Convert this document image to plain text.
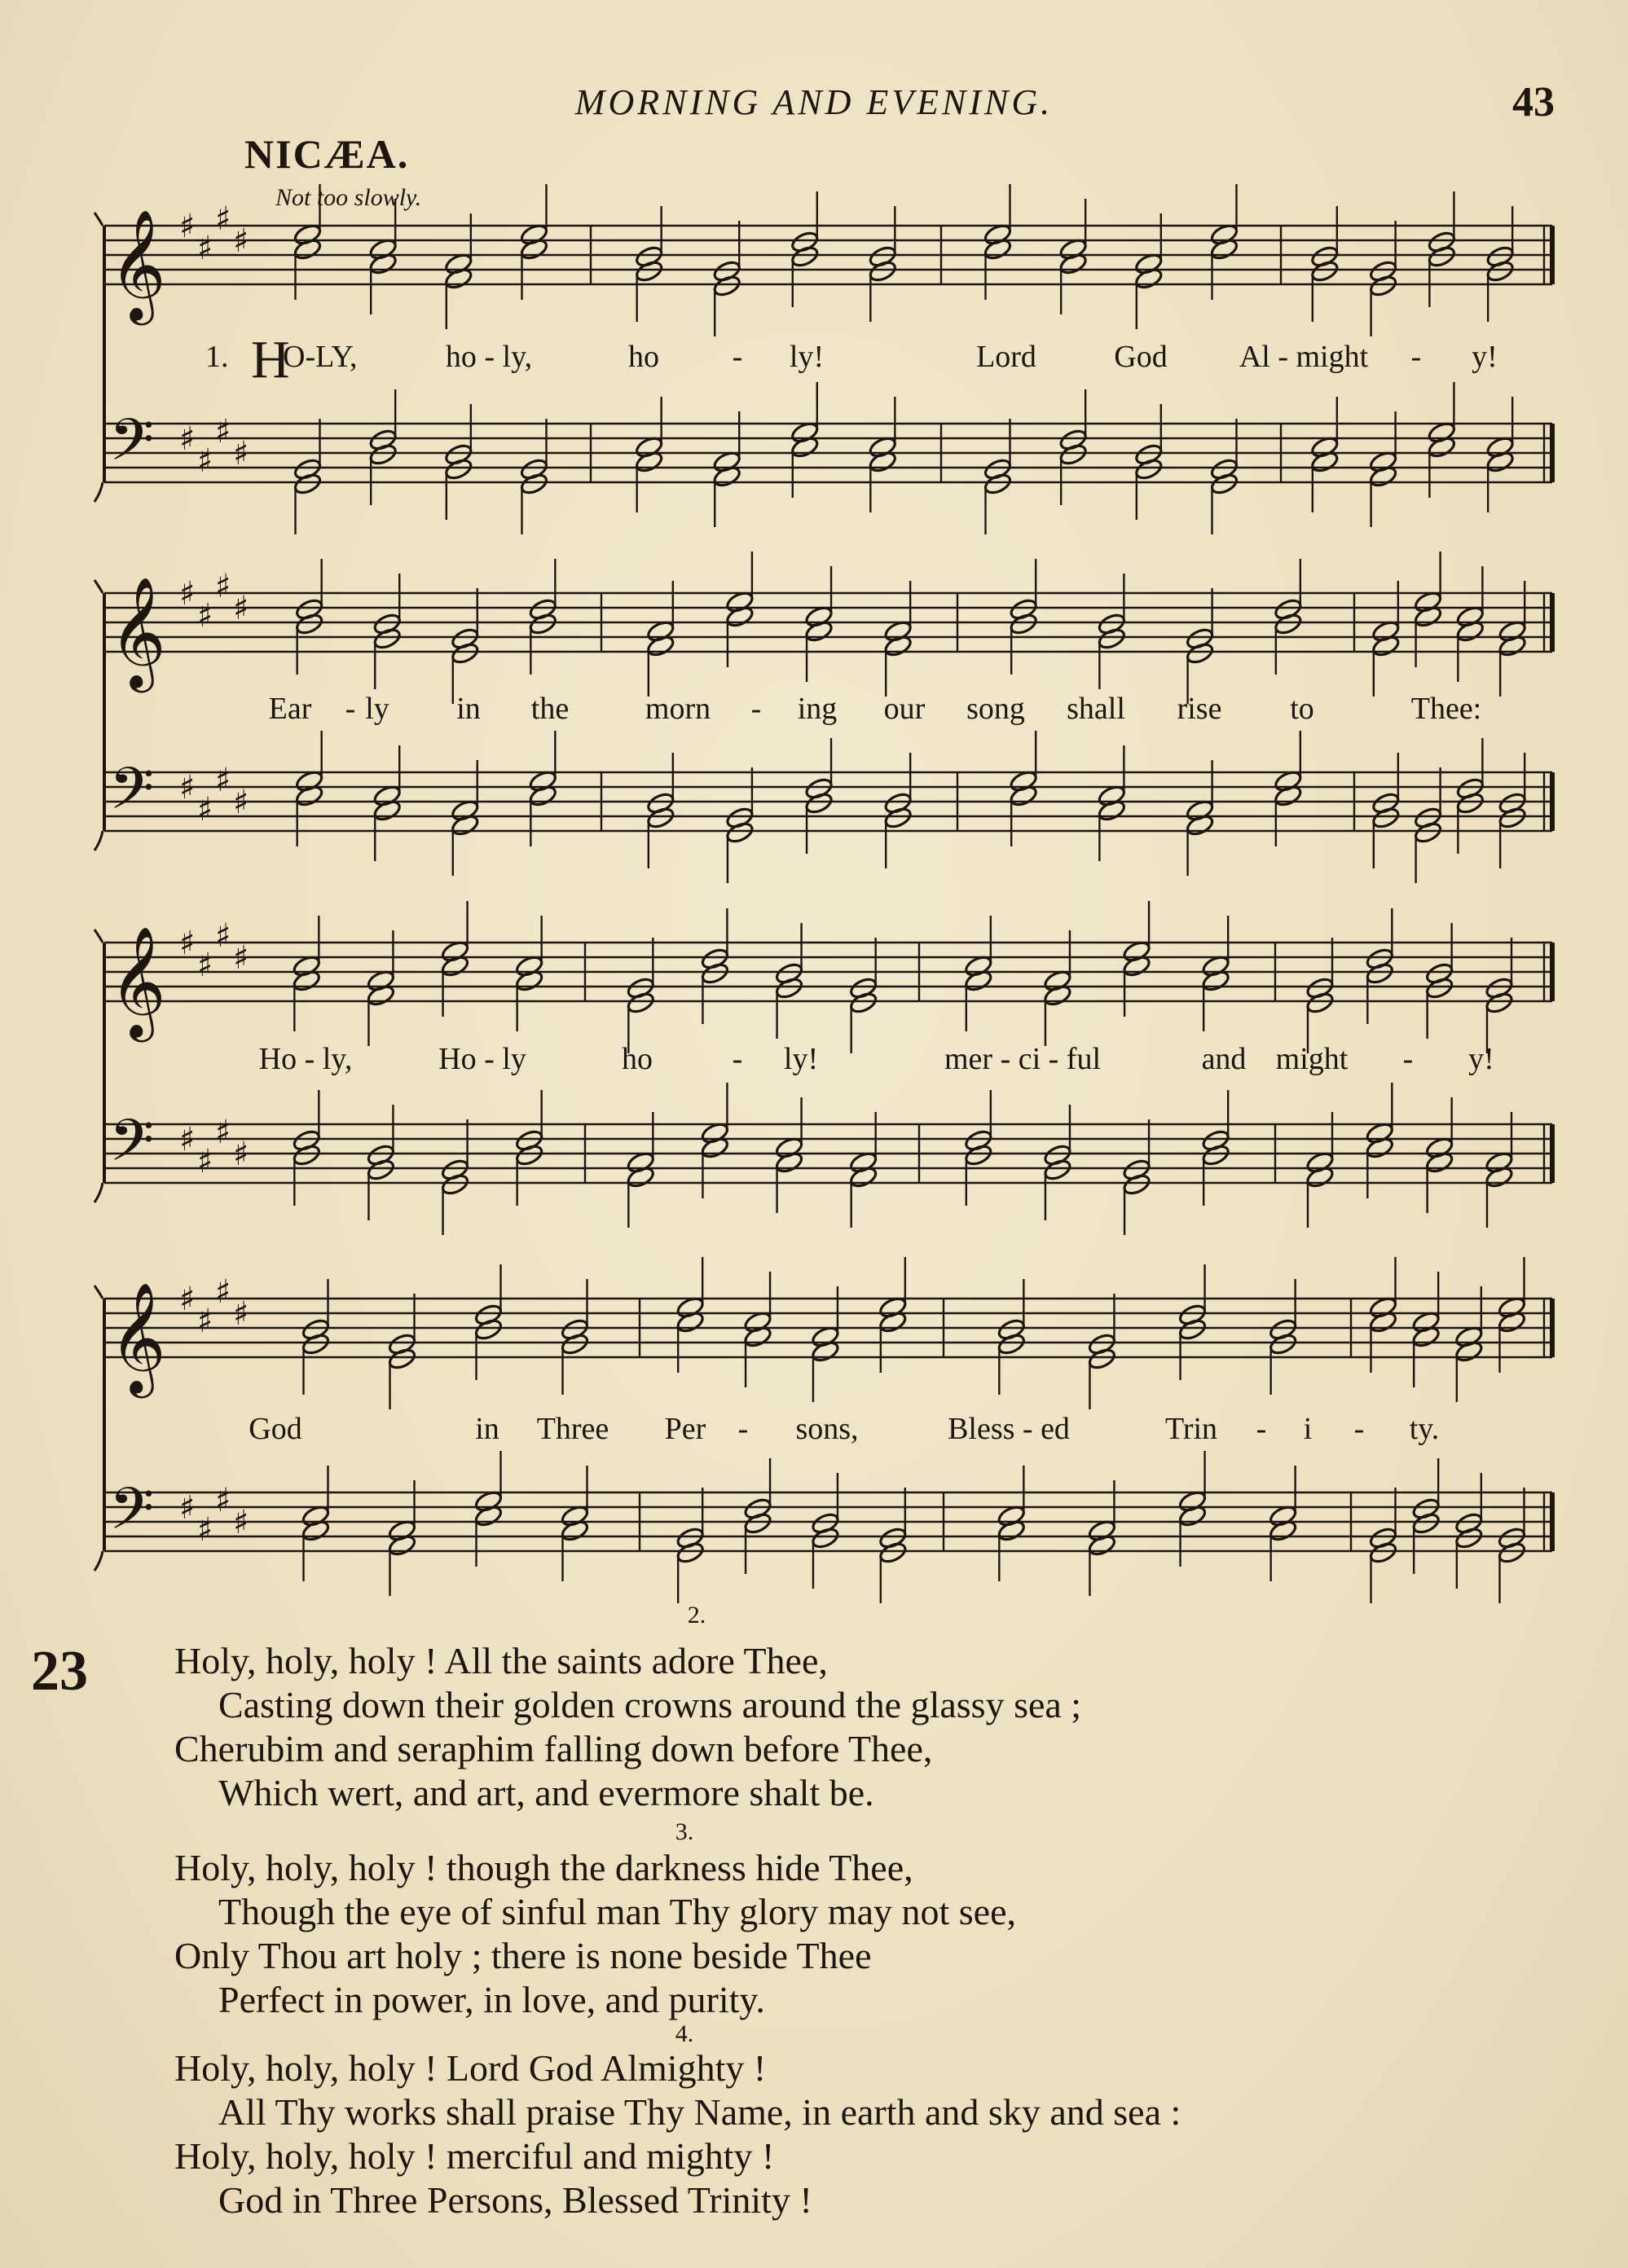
MORNING AND EVENING.	43
NICÆA.
Not too slowly.
𝄞 ♯
♯
♯
♯
𝄢 ♯
♯
♯
♯
𝄞 ♯
♯
♯
♯
𝄢 ♯
♯
♯
♯
𝄞 ♯
♯
♯
♯
𝄢 ♯
♯
♯
♯
𝄞 ♯
♯
♯
♯
𝄢 ♯
♯
♯
♯
1. H
O-LY,	ho - ly,	ho - ly!	Lord	God Al - might - y!
Ear - ly in the morn - ing our song shall rise to	Thee:
Ho - ly,	Ho - ly	ho	- ly!	mer - ci - ful	and might - y!
God	in Three Per - sons,	Bless - ed	Trin - i - ty.
23
2.
Holy, holy, holy ! All the saints adore Thee,
Casting down their golden crowns around the glassy sea ;
Cherubim and seraphim falling down before Thee,
Which wert, and art, and evermore shalt be.
3.
Holy, holy, holy ! though the darkness hide Thee,
Though the eye of sinful man Thy glory may not see,
Only Thou art holy ; there is none beside Thee
Perfect in power, in love, and purity.
4.
Holy, holy, holy ! Lord God Almighty !
All Thy works shall praise Thy Name, in earth and sky and sea :
Holy, holy, holy ! merciful and mighty !
God in Three Persons, Blessed Trinity !
